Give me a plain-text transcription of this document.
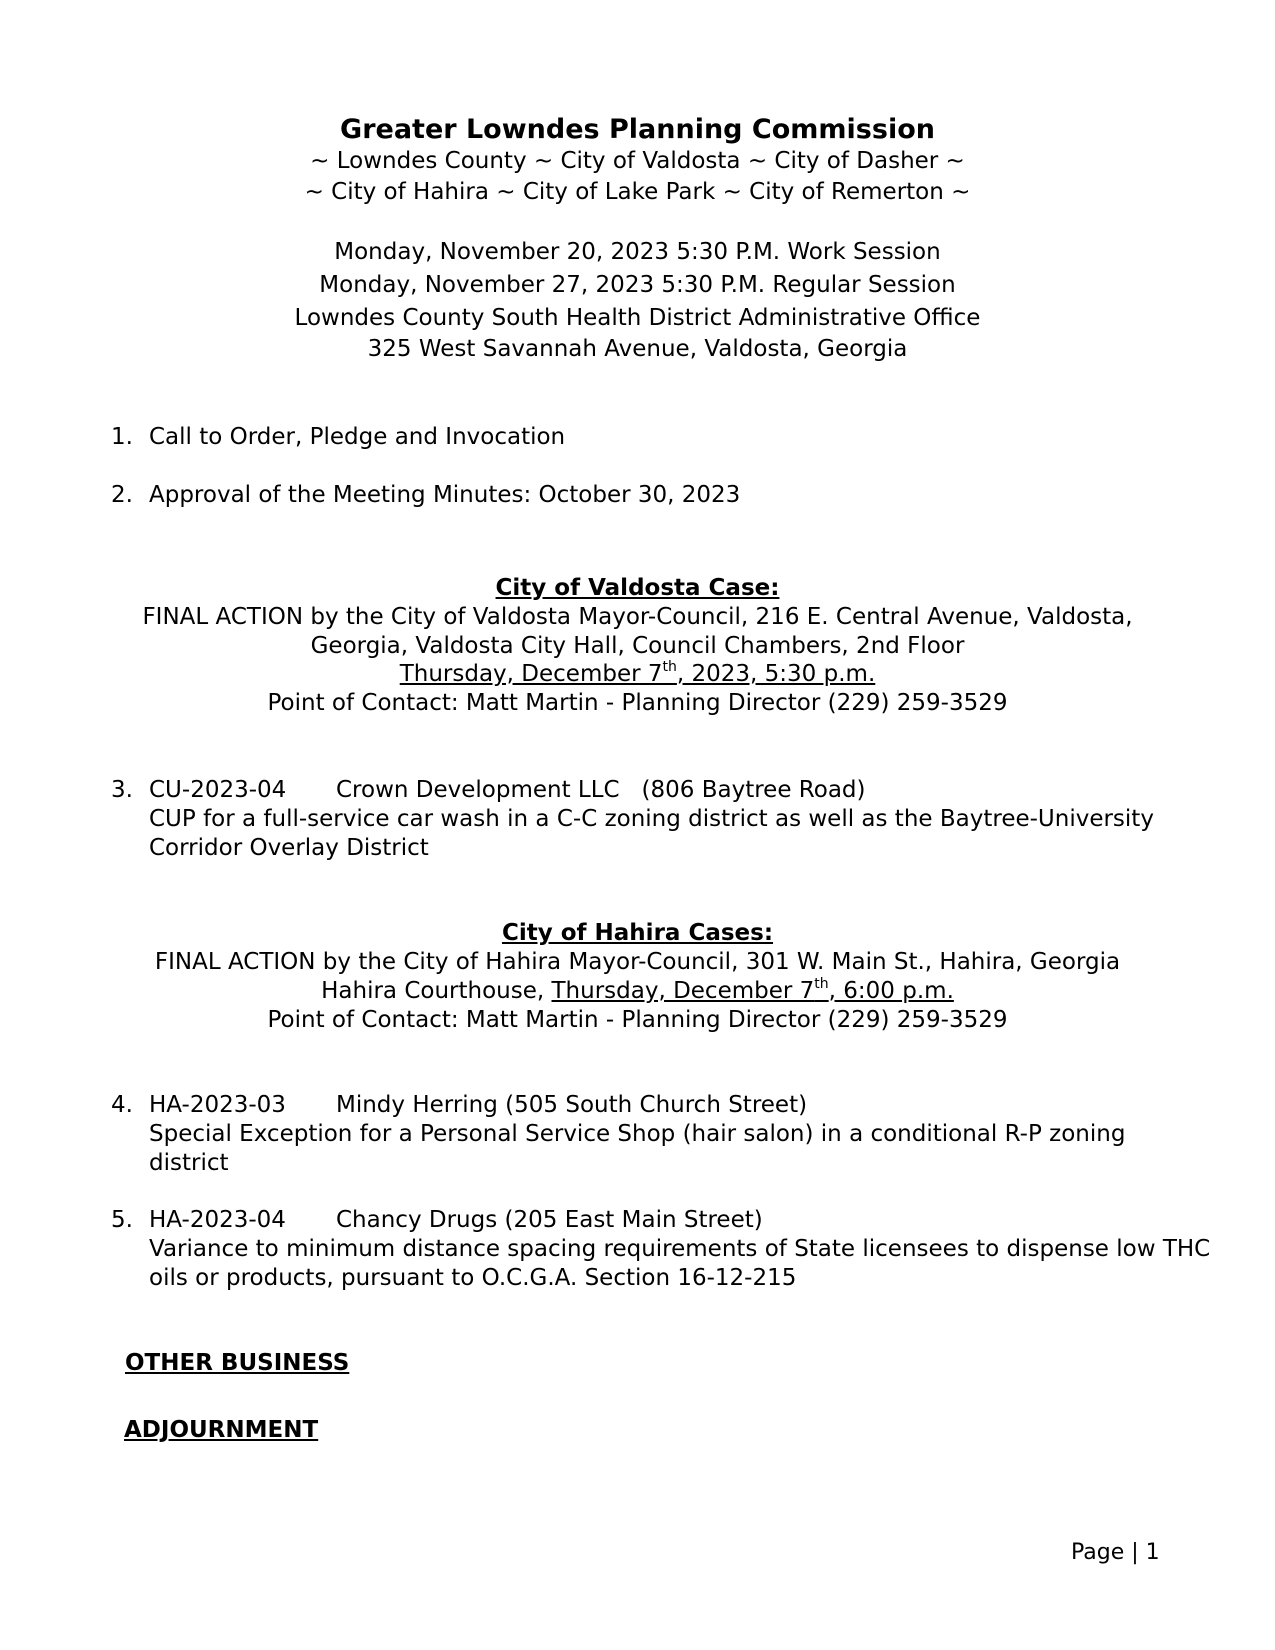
Greater Lowndes Planning Commission
~ Lowndes County ~ City of Valdosta ~ City of Dasher ~
~ City of Hahira ~ City of Lake Park ~ City of Remerton ~
Monday, November 20, 2023 5:30 P.M. Work Session
Monday, November 27, 2023 5:30 P.M. Regular Session
Lowndes County South Health District Administrative Office
325 West Savannah Avenue, Valdosta, Georgia
1. Call to Order, Pledge and Invocation
2. Approval of the Meeting Minutes: October 30, 2023
City of Valdosta Case:
FINAL ACTION by the City of Valdosta Mayor-Council, 216 E. Central Avenue, Valdosta,
Georgia, Valdosta City Hall, Council Chambers, 2nd Floor
Thursday, December 7th, 2023, 5:30 p.m.
Point of Contact: Matt Martin - Planning Director (229) 259-3529
3. CU-2023-04 Crown Development LLC   (806 Baytree Road)
CUP for a full-service car wash in a C-C zoning district as well as the Baytree-University
Corridor Overlay District
City of Hahira Cases:
FINAL ACTION by the City of Hahira Mayor-Council, 301 W. Main St., Hahira, Georgia
Hahira Courthouse, Thursday, December 7th, 6:00 p.m.
Point of Contact: Matt Martin - Planning Director (229) 259-3529
4. HA-2023-03 Mindy Herring (505 South Church Street)
Special Exception for a Personal Service Shop (hair salon) in a conditional R-P zoning
district
5. HA-2023-04 Chancy Drugs (205 East Main Street)
Variance to minimum distance spacing requirements of State licensees to dispense low THC
oils or products, pursuant to O.C.G.A. Section 16-12-215
OTHER BUSINESS
ADJOURNMENT
Page | 1
